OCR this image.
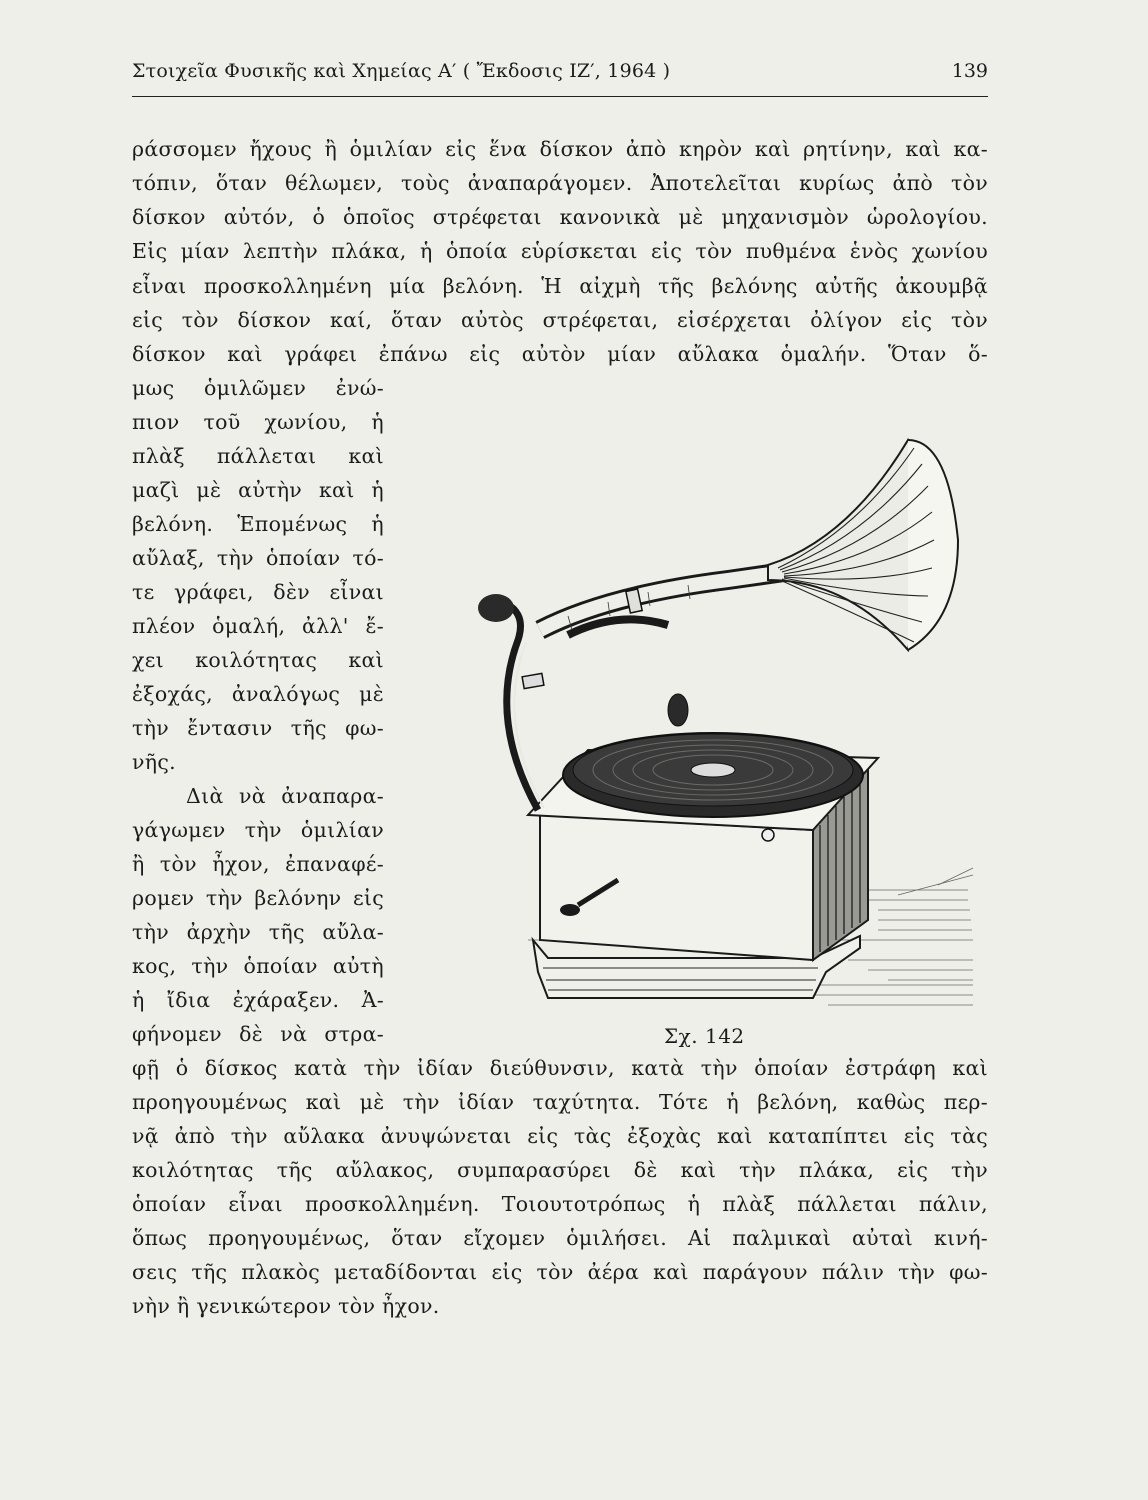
Στοιχεῖα Φυσικῆς καὶ Χημείας Α′ ( Ἔκδοσις ΙΖ′, 1964 )	139
ράσσομεν ἤχους ἢ ὁμιλίαν εἰς ἕνα δίσκον ἀπὸ κηρὸν καὶ ρητίνην, καὶ κα-
τόπιν, ὅταν θέλωμεν, τοὺς ἀναπαράγομεν. Ἀποτελεῖται κυρίως ἀπὸ τὸν
δίσκον αὐτόν, ὁ ὁποῖος στρέφεται κανονικὰ μὲ μηχανισμὸν ὡρολογίου.
Εἰς μίαν λεπτὴν πλάκα, ἡ ὁποία εὑρίσκεται εἰς τὸν πυθμένα ἑνὸς χωνίου
εἶναι προσκολλημένη μία βελόνη. Ἡ αἰχμὴ τῆς βελόνης αὐτῆς ἀκουμβᾷ
εἰς τὸν δίσκον καί, ὅταν αὐτὸς στρέφεται, εἰσέρχεται ὀλίγον εἰς τὸν
δίσκον καὶ γράφει ἐπάνω εἰς αὐτὸν μίαν αὔλακα ὁμαλήν. Ὅταν ὅ-
μως ὁμιλῶμεν ἐνώ-
πιον τοῦ χωνίου, ἡ
πλὰξ πάλλεται καὶ
μαζὶ μὲ αὐτὴν καὶ ἡ
βελόνη. Ἑπομένως ἡ
αὔλαξ, τὴν ὁποίαν τό-
τε γράφει, δὲν εἶναι
πλέον ὁμαλή, ἀλλ' ἔ-
χει κοιλότητας καὶ
ἐξοχάς, ἀναλόγως μὲ
τὴν ἔντασιν τῆς φω-
νῆς.
Διὰ νὰ ἀναπαρα-
γάγωμεν τὴν ὁμιλίαν
ἢ τὸν ἦχον, ἐπαναφέ-
ρομεν τὴν βελόνην εἰς
τὴν ἀρχὴν τῆς αὔλα-
κος, τὴν ὁποίαν αὐτὴ
ἡ ἴδια ἐχάραξεν. Ἀ-
φήνομεν δὲ νὰ στρα-
φῇ ὁ δίσκος κατὰ τὴν ἰδίαν διεύθυνσιν, κατὰ τὴν ὁποίαν ἐστράφη καὶ
προηγουμένως καὶ μὲ τὴν ἰδίαν ταχύτητα. Τότε ἡ βελόνη, καθὼς περ-
νᾷ ἀπὸ τὴν αὔλακα ἀνυψώνεται εἰς τὰς ἐξοχὰς καὶ καταπίπτει εἰς τὰς
κοιλότητας τῆς αὔλακος, συμπαρασύρει δὲ καὶ τὴν πλάκα, εἰς τὴν
ὁποίαν εἶναι προσκολλημένη. Τοιουτοτρόπως ἡ πλὰξ πάλλεται πάλιν,
ὅπως προηγουμένως, ὅταν εἴχομεν ὁμιλήσει. Αἱ παλμικαὶ αὐταὶ κινή-
σεις τῆς πλακὸς μεταδίδονται εἰς τὸν ἀέρα καὶ παράγουν πάλιν τὴν φω-
νὴν ἢ γενικώτερον τὸν ἦχον.
Σχ. 142
